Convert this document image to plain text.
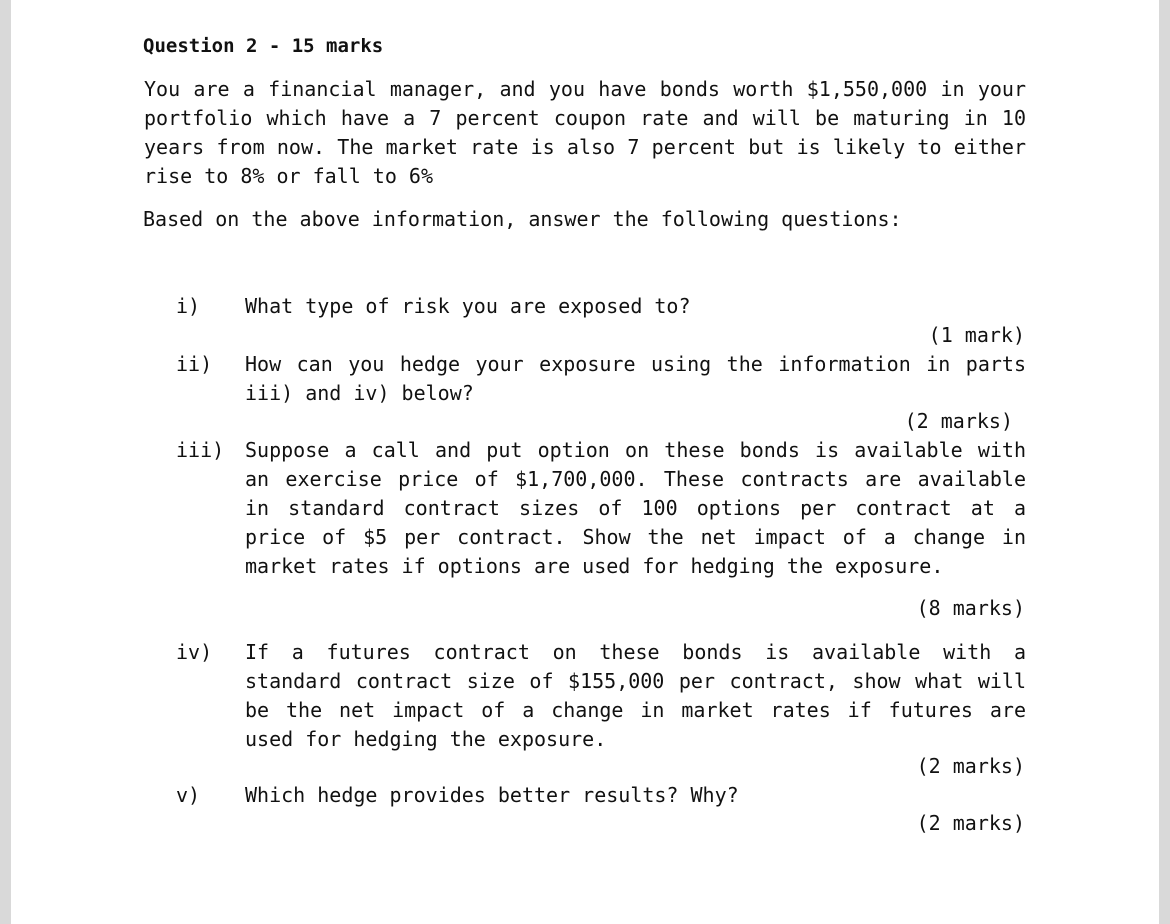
Question 2 - 15 marks
You are a financial manager, and you have bonds worth $1,550,000 in your portfolio which have a 7 percent coupon rate and will be maturing in 10 years from now. The market rate is also 7 percent but is likely to either rise to 8% or fall to 6%
Based on the above information, answer the following questions:
i) What type of risk you are exposed to?
(1 mark)
ii) How can you hedge your exposure using the information in parts iii) and iv) below?
(2 marks)
iii) Suppose a call and put option on these bonds is available with an exercise price of $1,700,000. These contracts are available in standard contract sizes of 100 options per contract at a price of $5 per contract. Show the net impact of a change in market rates if options are used for hedging the exposure.
(8 marks)
iv) If a futures contract on these bonds is available with a standard contract size of $155,000 per contract, show what will be the net impact of a change in market rates if futures are used for hedging the exposure.
(2 marks)
v) Which hedge provides better results? Why?
(2 marks)
